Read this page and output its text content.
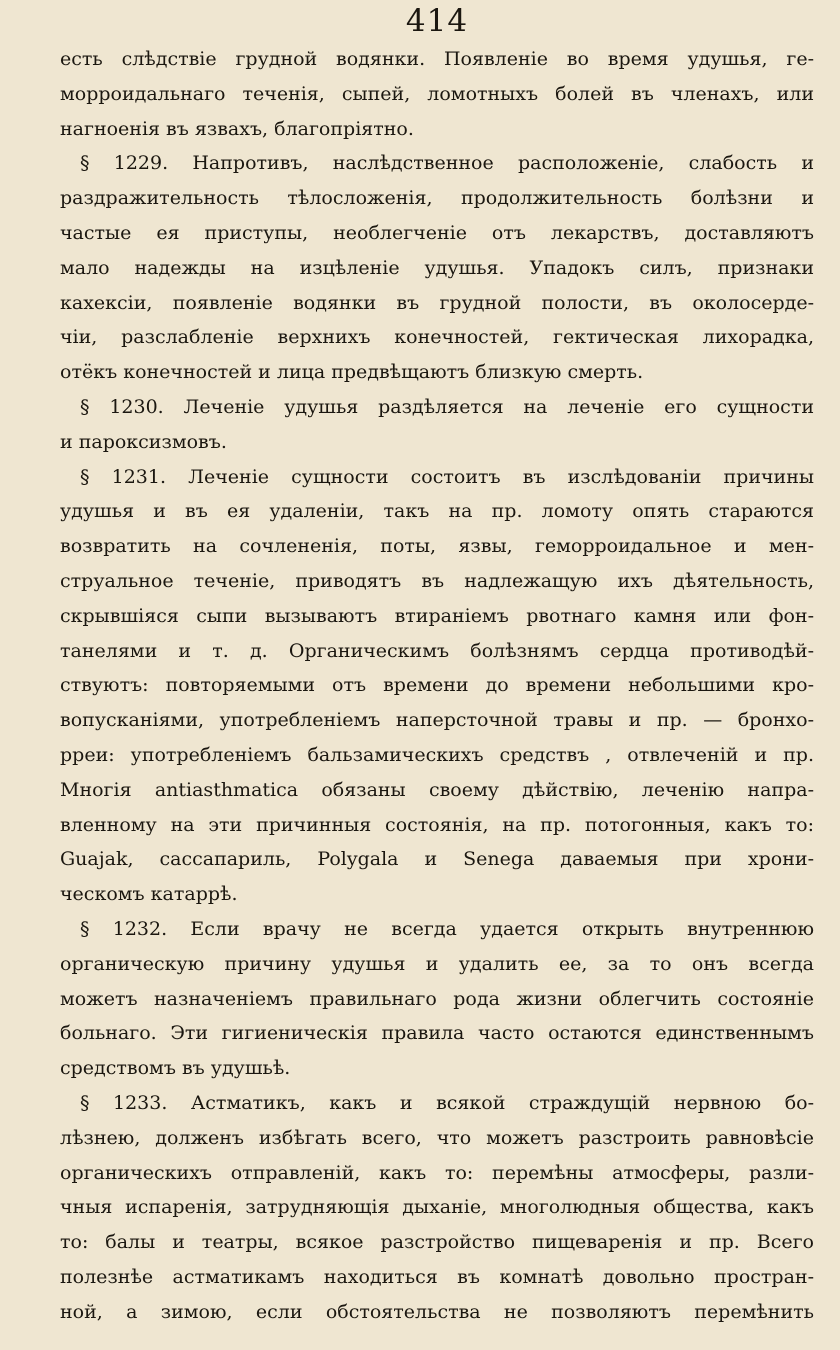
414
есть слѣдствіе грудной водянки. Появленіе во время удушья, ге-
морроидальнаго теченія, сыпей, ломотныхъ болей въ членахъ, или
нагноенія въ язвахъ, благопріятно.
§ 1229. Напротивъ, наслѣдственное расположеніе, слабость и
раздражительность тѣлосложенія, продолжительность болѣзни и
частые ея приступы, необлегченіе отъ лекарствъ, доставляютъ
мало надежды на изцѣленіе удушья. Упадокъ силъ, признаки
кахексіи, появленіе водянки въ грудной полости, въ околосерде-
чіи, разслабленіе верхнихъ конечностей, гектическая лихорадка,
отёкъ конечностей и лица предвѣщаютъ близкую смерть.
§ 1230. Леченіе удушья раздѣляется на леченіе его сущности
и пароксизмовъ.
§ 1231. Леченіе сущности состоитъ въ изслѣдованіи причины
удушья и въ ея удаленіи, такъ на пр. ломоту опять стараются
возвратить на сочлененія, поты, язвы, геморроидальное и мен-
струальное теченіе, приводятъ въ надлежащую ихъ дѣятельность,
скрывшіяся сыпи вызываютъ втираніемъ рвотнаго камня или фон-
танелями и т. д. Органическимъ болѣзнямъ сердца противодѣй-
ствуютъ: повторяемыми отъ времени до времени небольшими кро-
вопусканіями, употребленіемъ наперсточной травы и пр. — бронхо-
рреи: употребленіемъ бальзамическихъ средствъ , отвлеченій и пр.
Многія antiasthmatica обязаны своему дѣйствію, леченію напра-
вленному на эти причинныя состоянія, на пр. потогонныя, какъ то:
Guajak, сассапариль, Polygala и Senega даваемыя при хрони-
ческомъ катаррѣ.
§ 1232. Если врачу не всегда удается открыть внутреннюю
органическую причину удушья и удалить ее, за то онъ всегда
можетъ назначеніемъ правильнаго рода жизни облегчить состояніе
больнаго. Эти гигиеническія правила часто остаются единственнымъ
средствомъ въ удушьѣ.
§ 1233. Астматикъ, какъ и всякой страждущій нервною бо-
лѣзнею, долженъ избѣгать всего, что можетъ разстроить равновѣсіе
органическихъ отправленій, какъ то: перемѣны атмосферы, разли-
чныя испаренія, затрудняющія дыханіе, многолюдныя общества, какъ
то: балы и театры, всякое разстройство пищеваренія и пр. Всего
полезнѣе астматикамъ находиться въ комнатѣ довольно простран-
ной, а зимою, если обстоятельства не позволяютъ перемѣнить
